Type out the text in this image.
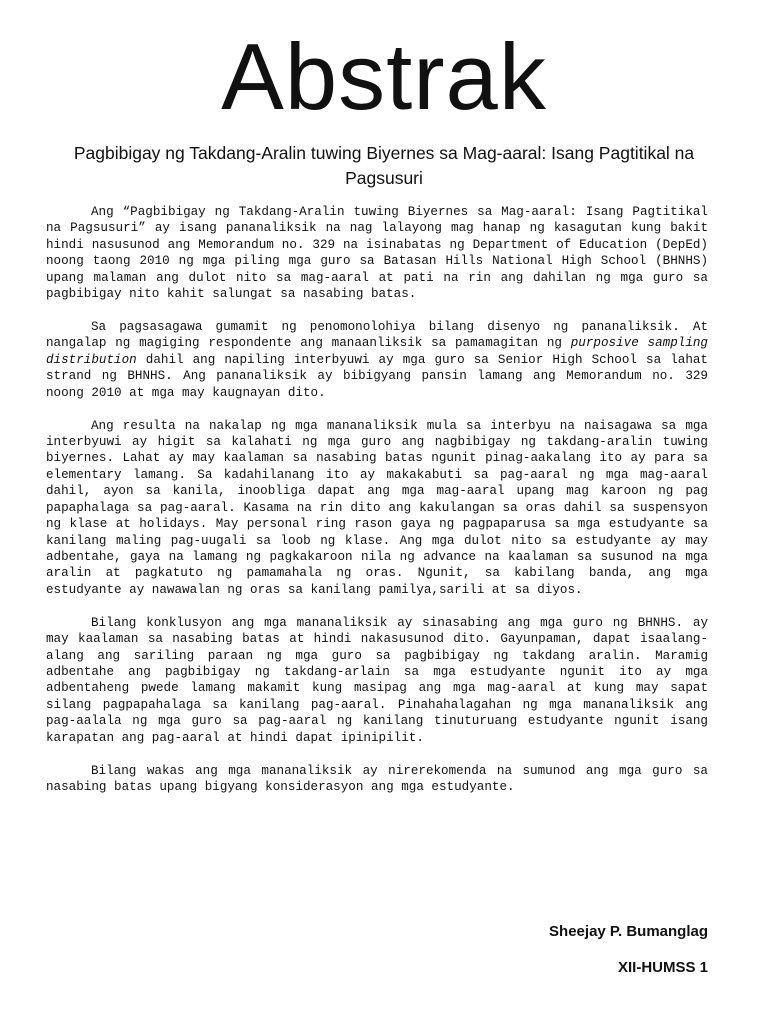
Abstrak
Pagbibigay ng Takdang-Aralin tuwing Biyernes sa Mag-aaral: Isang Pagtitikal na Pagsusuri

Ang “Pagbibigay ng Takdang-Aralin tuwing Biyernes sa Mag-aaral: Isang Pagtitikal na Pagsusuri” ay isang pananaliksik na nag lalayong mag hanap ng kasagutan kung bakit hindi nasusunod ang Memorandum no. 329 na isinabatas ng Department of Education (DepEd) noong taong 2010 ng mga piling mga guro sa Batasan Hills National High School (BHNHS) upang malaman ang dulot nito sa mag-aaral at pati na rin ang dahilan ng mga guro sa pagbibigay nito kahit salungat sa nasabing batas.

Sa pagsasagawa gumamit ng penomonolohiya bilang disenyo ng pananaliksik. At nangalap ng magiging respondente ang manaanliksik sa pamamagitan ng purposive sampling distribution dahil ang napiling interbyuwi ay mga guro sa Senior High School sa lahat strand ng BHNHS. Ang pananaliksik ay bibigyang pansin lamang ang Memorandum no. 329 noong 2010 at mga may kaugnayan dito.

Ang resulta na nakalap ng mga mananaliksik mula sa interbyu na naisagawa sa mga interbyuwi ay higit sa kalahati ng mga guro ang nagbibigay ng takdang-aralin tuwing biyernes. Lahat ay may kaalaman sa nasabing batas ngunit pinag-aakalang ito ay para sa elementary lamang. Sa kadahilanang ito ay makakabuti sa pag-aaral ng mga mag-aaral dahil, ayon sa kanila, inoobliga dapat ang mga mag-aaral upang mag karoon ng pag papaphalaga sa pag-aaral. Kasama na rin dito ang kakulangan sa oras dahil sa suspensyon ng klase at holidays. May personal ring rason gaya ng pagpaparusa sa mga estudyante sa kanilang maling pag-uugali sa loob ng klase. Ang mga dulot nito sa estudyante ay may adbentahe, gaya na lamang ng pagkakaroon nila ng advance na kaalaman sa susunod na mga aralin at pagkatuto ng pamamahala ng oras. Ngunit, sa kabilang banda, ang mga estudyante ay nawawalan ng oras sa kanilang pamilya,sarili at sa diyos.

Bilang konklusyon ang mga mananaliksik ay sinasabing ang mga guro ng BHNHS. ay may kaalaman sa nasabing batas at hindi nakasusunod dito. Gayunpaman, dapat isaalang-alang ang sariling paraan ng mga guro sa pagbibigay ng takdang aralin. Maramig adbentahe ang pagbibigay ng takdang-arlain sa mga estudyante ngunit ito ay mga adbentaheng pwede lamang makamit kung masipag ang mga mag-aaral at kung may sapat silang pagpapahalaga sa kanilang pag-aaral. Pinahahalagahan ng mga mananaliksik ang pag-aalala ng mga guro sa pag-aaral ng kanilang tinuturuang estudyante ngunit isang karapatan ang pag-aaral at hindi dapat ipinipilit.

Bilang wakas ang mga mananaliksik ay nirerekomenda na sumunod ang mga guro sa nasabing batas upang bigyang konsiderasyon ang mga estudyante.

Sheejay P. Bumanglag
XII-HUMSS 1
